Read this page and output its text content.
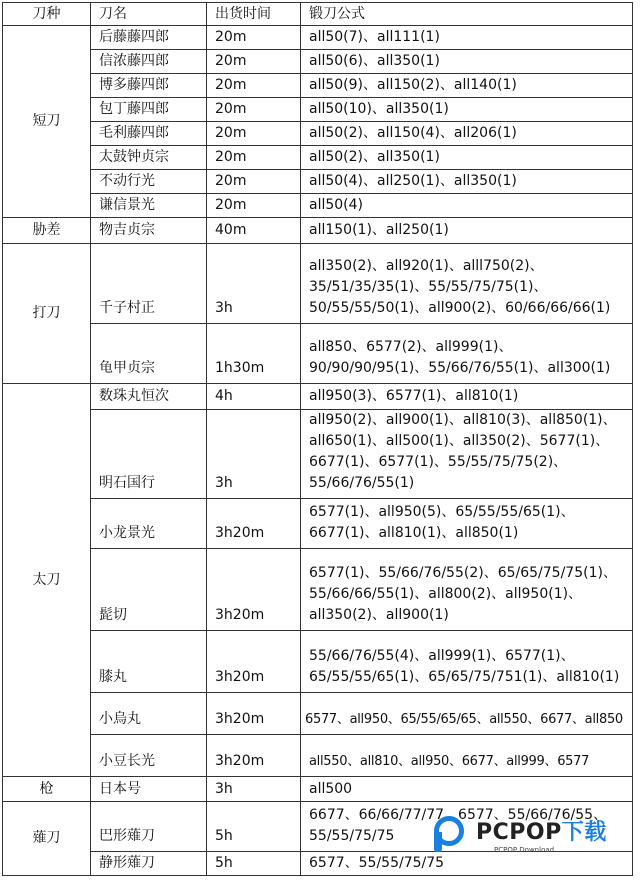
刀种	刀名	出货时间	锻刀公式
短刀	后藤藤四郎	20m	all50(7)、all111(1)
	信浓藤四郎	20m	all50(6)、all350(1)
	博多藤四郎	20m	all50(9)、all150(2)、all140(1)
	包丁藤四郎	20m	all50(10)、all350(1)
	毛利藤四郎	20m	all50(2)、all150(4)、all206(1)
	太鼓钟贞宗	20m	all50(2)、all350(1)
	不动行光	20m	all50(4)、all250(1)、all350(1)
	谦信景光	20m	all50(4)
胁差	物吉贞宗	40m	all150(1)、all250(1)
打刀	千子村正	3h	all350(2)、all920(1)、alll750(2)、35/51/35/35(1)、55/55/75/75(1)、50/55/55/50(1)、all900(2)、60/66/66/66(1)
	龟甲贞宗	1h30m	all850、6577(2)、all999(1)、90/90/90/95(1)、55/66/76/55(1)、all300(1)
太刀	数珠丸恒次	4h	all950(3)、6577(1)、all810(1)
	明石国行	3h	all950(2)、all900(1)、all810(3)、all850(1)、all650(1)、all500(1)、all350(2)、5677(1)、6677(1)、6577(1)、55/55/75/75(2)、55/66/76/55(1)
	小龙景光	3h20m	6577(1)、all950(5)、65/55/55/65(1)、6677(1)、all810(1)、all850(1)
	髭切	3h20m	6577(1)、55/66/76/55(2)、65/65/75/75(1)、55/66/66/55(1)、all800(2)、all950(1)、all350(2)、all900(1)
	膝丸	3h20m	55/66/76/55(4)、all999(1)、6577(1)、65/55/55/65(1)、65/65/75/751(1)、all810(1)
	小烏丸	3h20m	6577、all950、65/55/65/65、all550、6677、all850
	小豆长光	3h20m	all550、all810、all950、6677、all999、6577
枪	日本号	3h	all500
薙刀	巴形薙刀	5h	6677、66/66/77/77、6577、55/66/76/55、55/55/75/75
	静形薙刀	5h	6577、55/55/75/75
PCPOP下载
PCPOP Download
